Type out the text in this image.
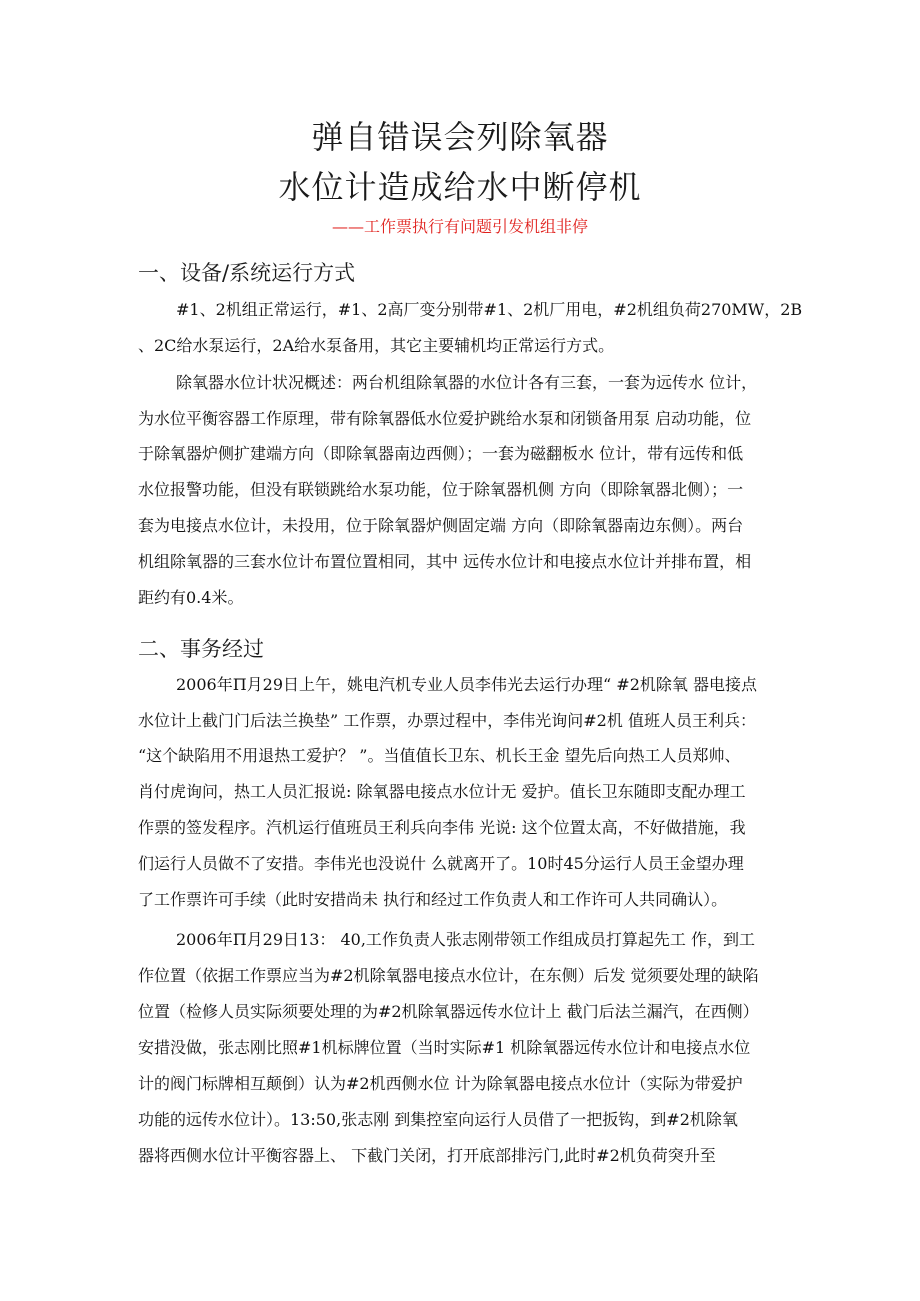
弹自错误会列除氧器
水位计造成给水中断停机
——工作票执行有问题引发机组非停
一、设备/系统运行方式
#1、2机组正常运行，#1、2高厂变分别带#1、2机厂用电，#2机组负荷270MW，2B
、2C给水泵运行，2A给水泵备用，其它主要辅机均正常运行方式。
除氧器水位计状况概述：两台机组除氧器的水位计各有三套，一套为远传水 位计，
为水位平衡容器工作原理，带有除氧器低水位爱护跳给水泵和闭锁备用泵 启动功能，位
于除氧器炉侧扩建端方向（即除氧器南边西侧）；一套为磁翻板水 位计，带有远传和低
水位报警功能，但没有联锁跳给水泵功能，位于除氧器机侧 方向（即除氧器北侧）；一
套为电接点水位计，未投用，位于除氧器炉侧固定端 方向（即除氧器南边东侧）。两台
机组除氧器的三套水位计布置位置相同，其中 远传水位计和电接点水位计并排布置，相
距约有0.4米。
二、事务经过
2006年Π月29日上午，姚电汽机专业人员李伟光去运行办理“ #2机除氧 器电接点
水位计上截门门后法兰换垫” 工作票，办票过程中，李伟光询问#2机 值班人员王利兵：
“这个缺陷用不用退热工爱护？ ”。当值值长卫东、机长王金 望先后向热工人员郑帅、
肖付虎询问，热工人员汇报说: 除氧器电接点水位计无 爱护。值长卫东随即支配办理工
作票的签发程序。汽机运行值班员王利兵向李伟 光说: 这个位置太高，不好做措施，我
们运行人员做不了安措。李伟光也没说什 么就离开了。10时45分运行人员王金望办理
了工作票许可手续（此时安措尚未 执行和经过工作负责人和工作许可人共同确认）。
2006年Π月29日13： 40,工作负责人张志刚带领工作组成员打算起先工 作，到工
作位置（依据工作票应当为#2机除氧器电接点水位计，在东侧）后发 觉须要处理的缺陷
位置（检修人员实际须要处理的为#2机除氧器远传水位计上 截门后法兰漏汽，在西侧）
安措没做，张志刚比照#1机标牌位置（当时实际#1 机除氧器远传水位计和电接点水位
计的阀门标牌相互颠倒）认为#2机西侧水位 计为除氧器电接点水位计（实际为带爱护
功能的远传水位计）。13:50,张志刚 到集控室向运行人员借了一把扳钩，到#2机除氧
器将西侧水位计平衡容器上、 下截门关闭，打开底部排污门,此时#2机负荷突升至
